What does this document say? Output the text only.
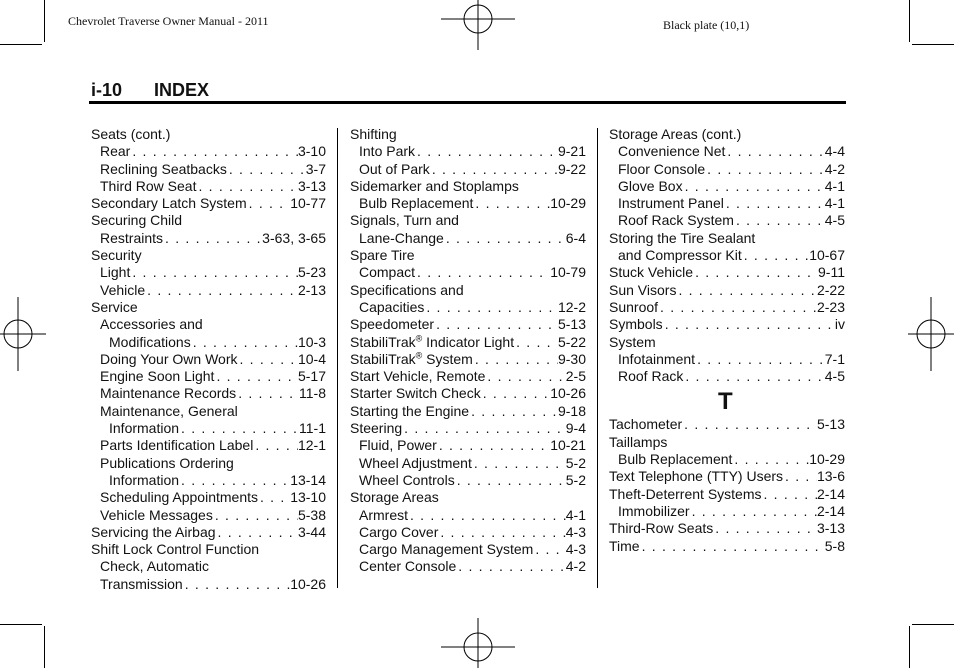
Chevrolet Traverse Owner Manual - 2011	Black plate (10,1)
i-10 INDEX
Seats (cont.)
Rear . . .	3-10
Reclining Seatbacks . . .	3-7
Third Row Seat . . .	3-13
Secondary Latch System . . .	10-77
Securing Child
Restraints . . .	3-63, 3-65
Security
Light . . .	5-23
Vehicle . . .	2-13
Service
Accessories and
Modifications . . .	10-3
Doing Your Own Work . . .	10-4
Engine Soon Light . . .	5-17
Maintenance Records . . .	11-8
Maintenance, General
Information . . .	11-1
Parts Identification Label . . .	12-1
Publications Ordering
Information . . .	13-14
Scheduling Appointments . . . 13-10
Vehicle Messages . . .	5-38
Servicing the Airbag . . .	3-44
Shift Lock Control Function
Check, Automatic
Transmission . . .	10-26
Shifting
Into Park . . .	9-21
Out of Park . . .	9-22
Sidemarker and Stoplamps
Bulb Replacement . . .	10-29
Signals, Turn and
Lane-Change . . .	6-4
Spare Tire
Compact . . .	10-79
Specifications and
Capacities . . .	12-2
Speedometer . . .	5-13
StabiliTrak® Indicator Light . . .	5-22
StabiliTrak® System . . .	9-30
Start Vehicle, Remote . . .	2-5
Starter Switch Check . . .	10-26
Starting the Engine . . .	9-18
Steering . . .	9-4
Fluid, Power . . .	10-21
Wheel Adjustment . . .	5-2
Wheel Controls . . .	5-2
Storage Areas
Armrest . . .	4-1
Cargo Cover . . .	4-3
Cargo Management System . . . 4-3
Center Console . . .	4-2
Storage Areas (cont.)
Convenience Net . . .	4-4
Floor Console . . .	4-2
Glove Box . . .	4-1
Instrument Panel . . .	4-1
Roof Rack System . . .	4-5
Storing the Tire Sealant
and Compressor Kit . . .	10-67
Stuck Vehicle . . .	9-11
Sun Visors . . .	2-22
Sunroof . . .	2-23
Symbols . . .	iv
System
Infotainment . . .	7-1
Roof Rack . . .	4-5
T
Tachometer . . .	5-13
Taillamps
Bulb Replacement . . .	10-29
Text Telephone (TTY) Users . . . 13-6
Theft-Deterrent Systems . . .	2-14
Immobilizer . . .	2-14
Third-Row Seats . . .	3-13
Time . . .	5-8
